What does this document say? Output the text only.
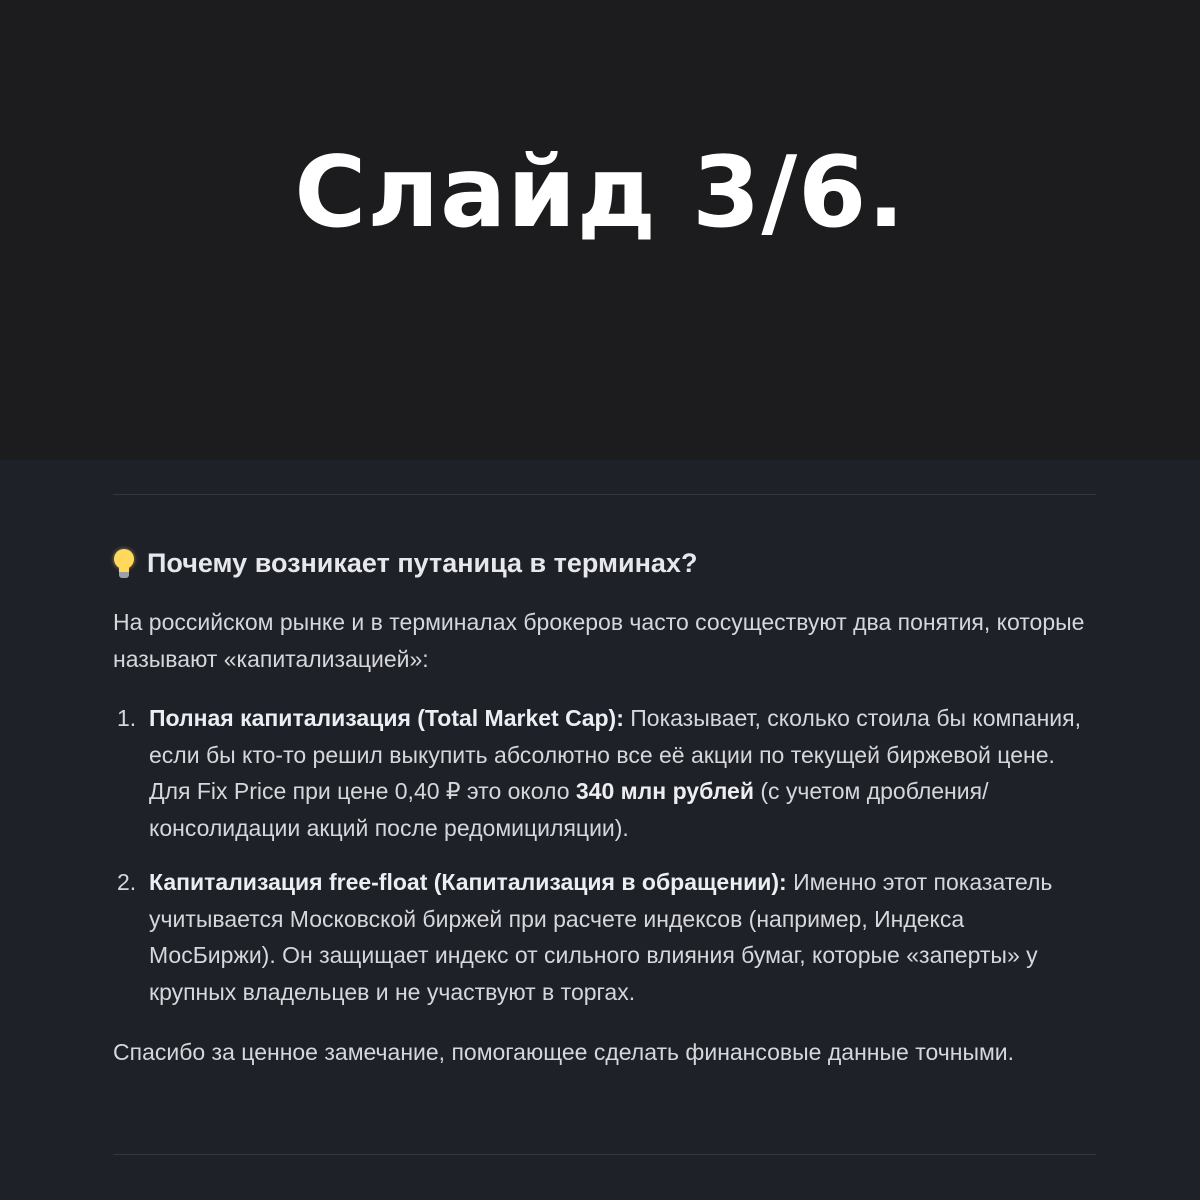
Слайд 3/6.
Почему возникает путаница в терминах?

На российском рынке и в терминалах брокеров часто сосуществуют два понятия, которые называют «капитализацией»:

1. Полная капитализация (Total Market Cap): Показывает, сколько стоила бы компания, если бы кто-то решил выкупить абсолютно все её акции по текущей биржевой цене. Для Fix Price при цене 0,40 ₽ это около 340 млн рублей (с учетом дробления/консолидации акций после редомициляции).
2. Капитализация free-float (Капитализация в обращении): Именно этот показатель учитывается Московской биржей при расчете индексов (например, Индекса МосБиржи). Он защищает индекс от сильного влияния бумаг, которые «заперты» у крупных владельцев и не участвуют в торгах.

Спасибо за ценное замечание, помогающее сделать финансовые данные точными.
